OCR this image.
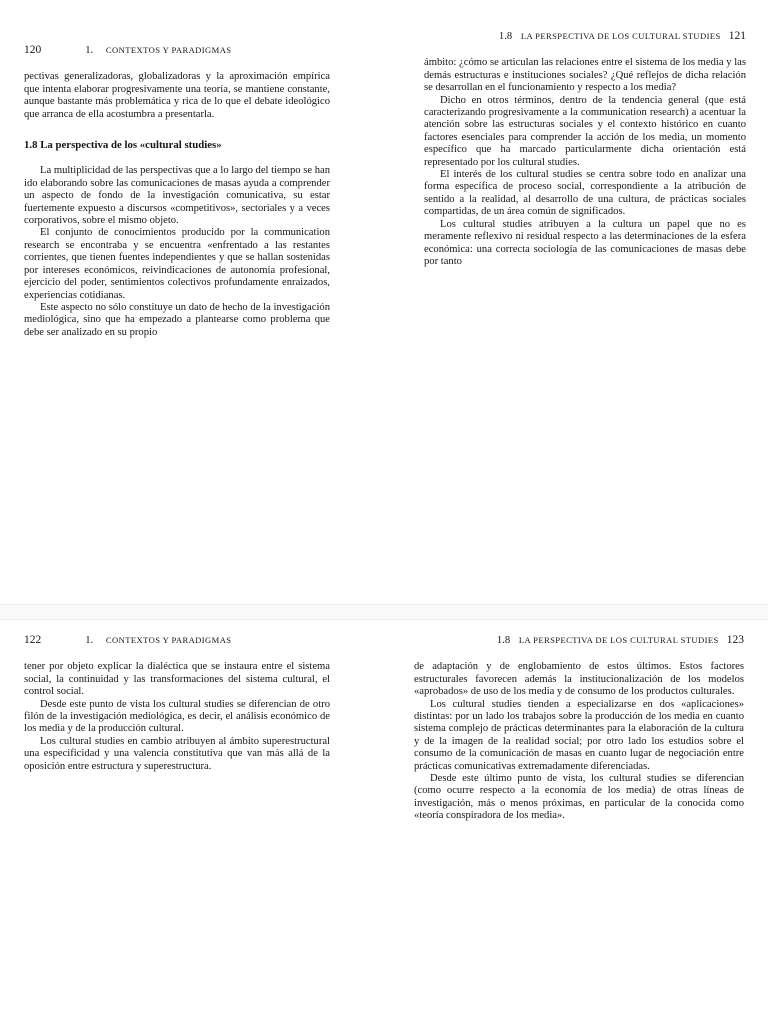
120	1. CONTEXTOS Y PARADIGMAS

pectivas generalizadoras, globalizadoras y la aproximación empírica que intenta elaborar progresivamente una teoría, se mantiene constante, aunque bastante más problemática y rica de lo que el debate ideológico que arranca de ella acostumbra a presentarla.

1.8 La perspectiva de los «cultural studies»

La multiplicidad de las perspectivas que a lo largo del tiempo se han ido elaborando sobre las comunicaciones de masas ayuda a comprender un aspecto de fondo de la investigación comunicativa, su estar fuertemente expuesto a discursos «competitivos», sectoriales y a veces corporativos, sobre el mismo objeto.

El conjunto de conocimientos producido por la communication research se encontraba y se encuentra «enfrentado a las restantes corrientes, que tienen fuentes independientes y que se hallan sostenidas por intereses económicos, reivindicaciones de autonomía profesional, ejercicio del poder, sentimientos colectivos profundamente enraizados, experiencias cotidianas.

Este aspecto no sólo constituye un dato de hecho de la investigación mediológica, sino que ha empezado a plantearse como problema que debe ser analizado en su propio

1.8 LA PERSPECTIVA DE LOS CULTURAL STUDIES 121

ámbito: ¿cómo se articulan las relaciones entre el sistema de los media y las demás estructuras e instituciones sociales? ¿Qué reflejos de dicha relación se desarrollan en el funcionamiento y respecto a los media?

Dicho en otros términos, dentro de la tendencia general (que está caracterizando progresivamente a la communication research) a acentuar la atención sobre las estructuras sociales y el contexto histórico en cuanto factores esenciales para comprender la acción de los media, un momento específico que ha marcado particularmente dicha orientación está representado por los cultural studies.

El interés de los cultural studies se centra sobre todo en analizar una forma específica de proceso social, correspondiente a la atribución de sentido a la realidad, al desarrollo de una cultura, de prácticas sociales compartidas, de un área común de significados.

Los cultural studies atribuyen a la cultura un papel que no es meramente reflexivo ni residual respecto a las determinaciones de la esfera económica: una correcta sociología de las comunicaciones de masas debe por tanto

122	1. CONTEXTOS Y PARADIGMAS

tener por objeto explicar la dialéctica que se instaura entre el sistema social, la continuidad y las transformaciones del sistema cultural, el control social.

Desde este punto de vista los cultural studies se diferencian de otro filón de la investigación mediológica, es decir, el análisis económico de los media y de la producción cultural.

Los cultural studies en cambio atribuyen al ámbito superestructural una especificidad y una valencia constitutiva que van más allá de la oposición entre estructura y superestructura.

1.8 LA PERSPECTIVA DE LOS CULTURAL STUDIES 123

de adaptación y de englobamiento de estos últimos. Estos factores estructurales favorecen además la institucionalización de los modelos «aprobados» de uso de los media y de consumo de los productos culturales.

Los cultural studies tienden a especializarse en dos «aplicaciones» distintas: por un lado los trabajos sobre la producción de los media en cuanto sistema complejo de prácticas determinantes para la elaboración de la cultura y de la imagen de la realidad social; por otro lado los estudios sobre el consumo de la comunicación de masas en cuanto lugar de negociación entre prácticas comunicativas extremadamente diferenciadas.

Desde este último punto de vista, los cultural studies se diferencian (como ocurre respecto a la economía de los media) de otras líneas de investigación, más o menos próximas, en particular de la conocida como «teoría conspiradora de los media».
